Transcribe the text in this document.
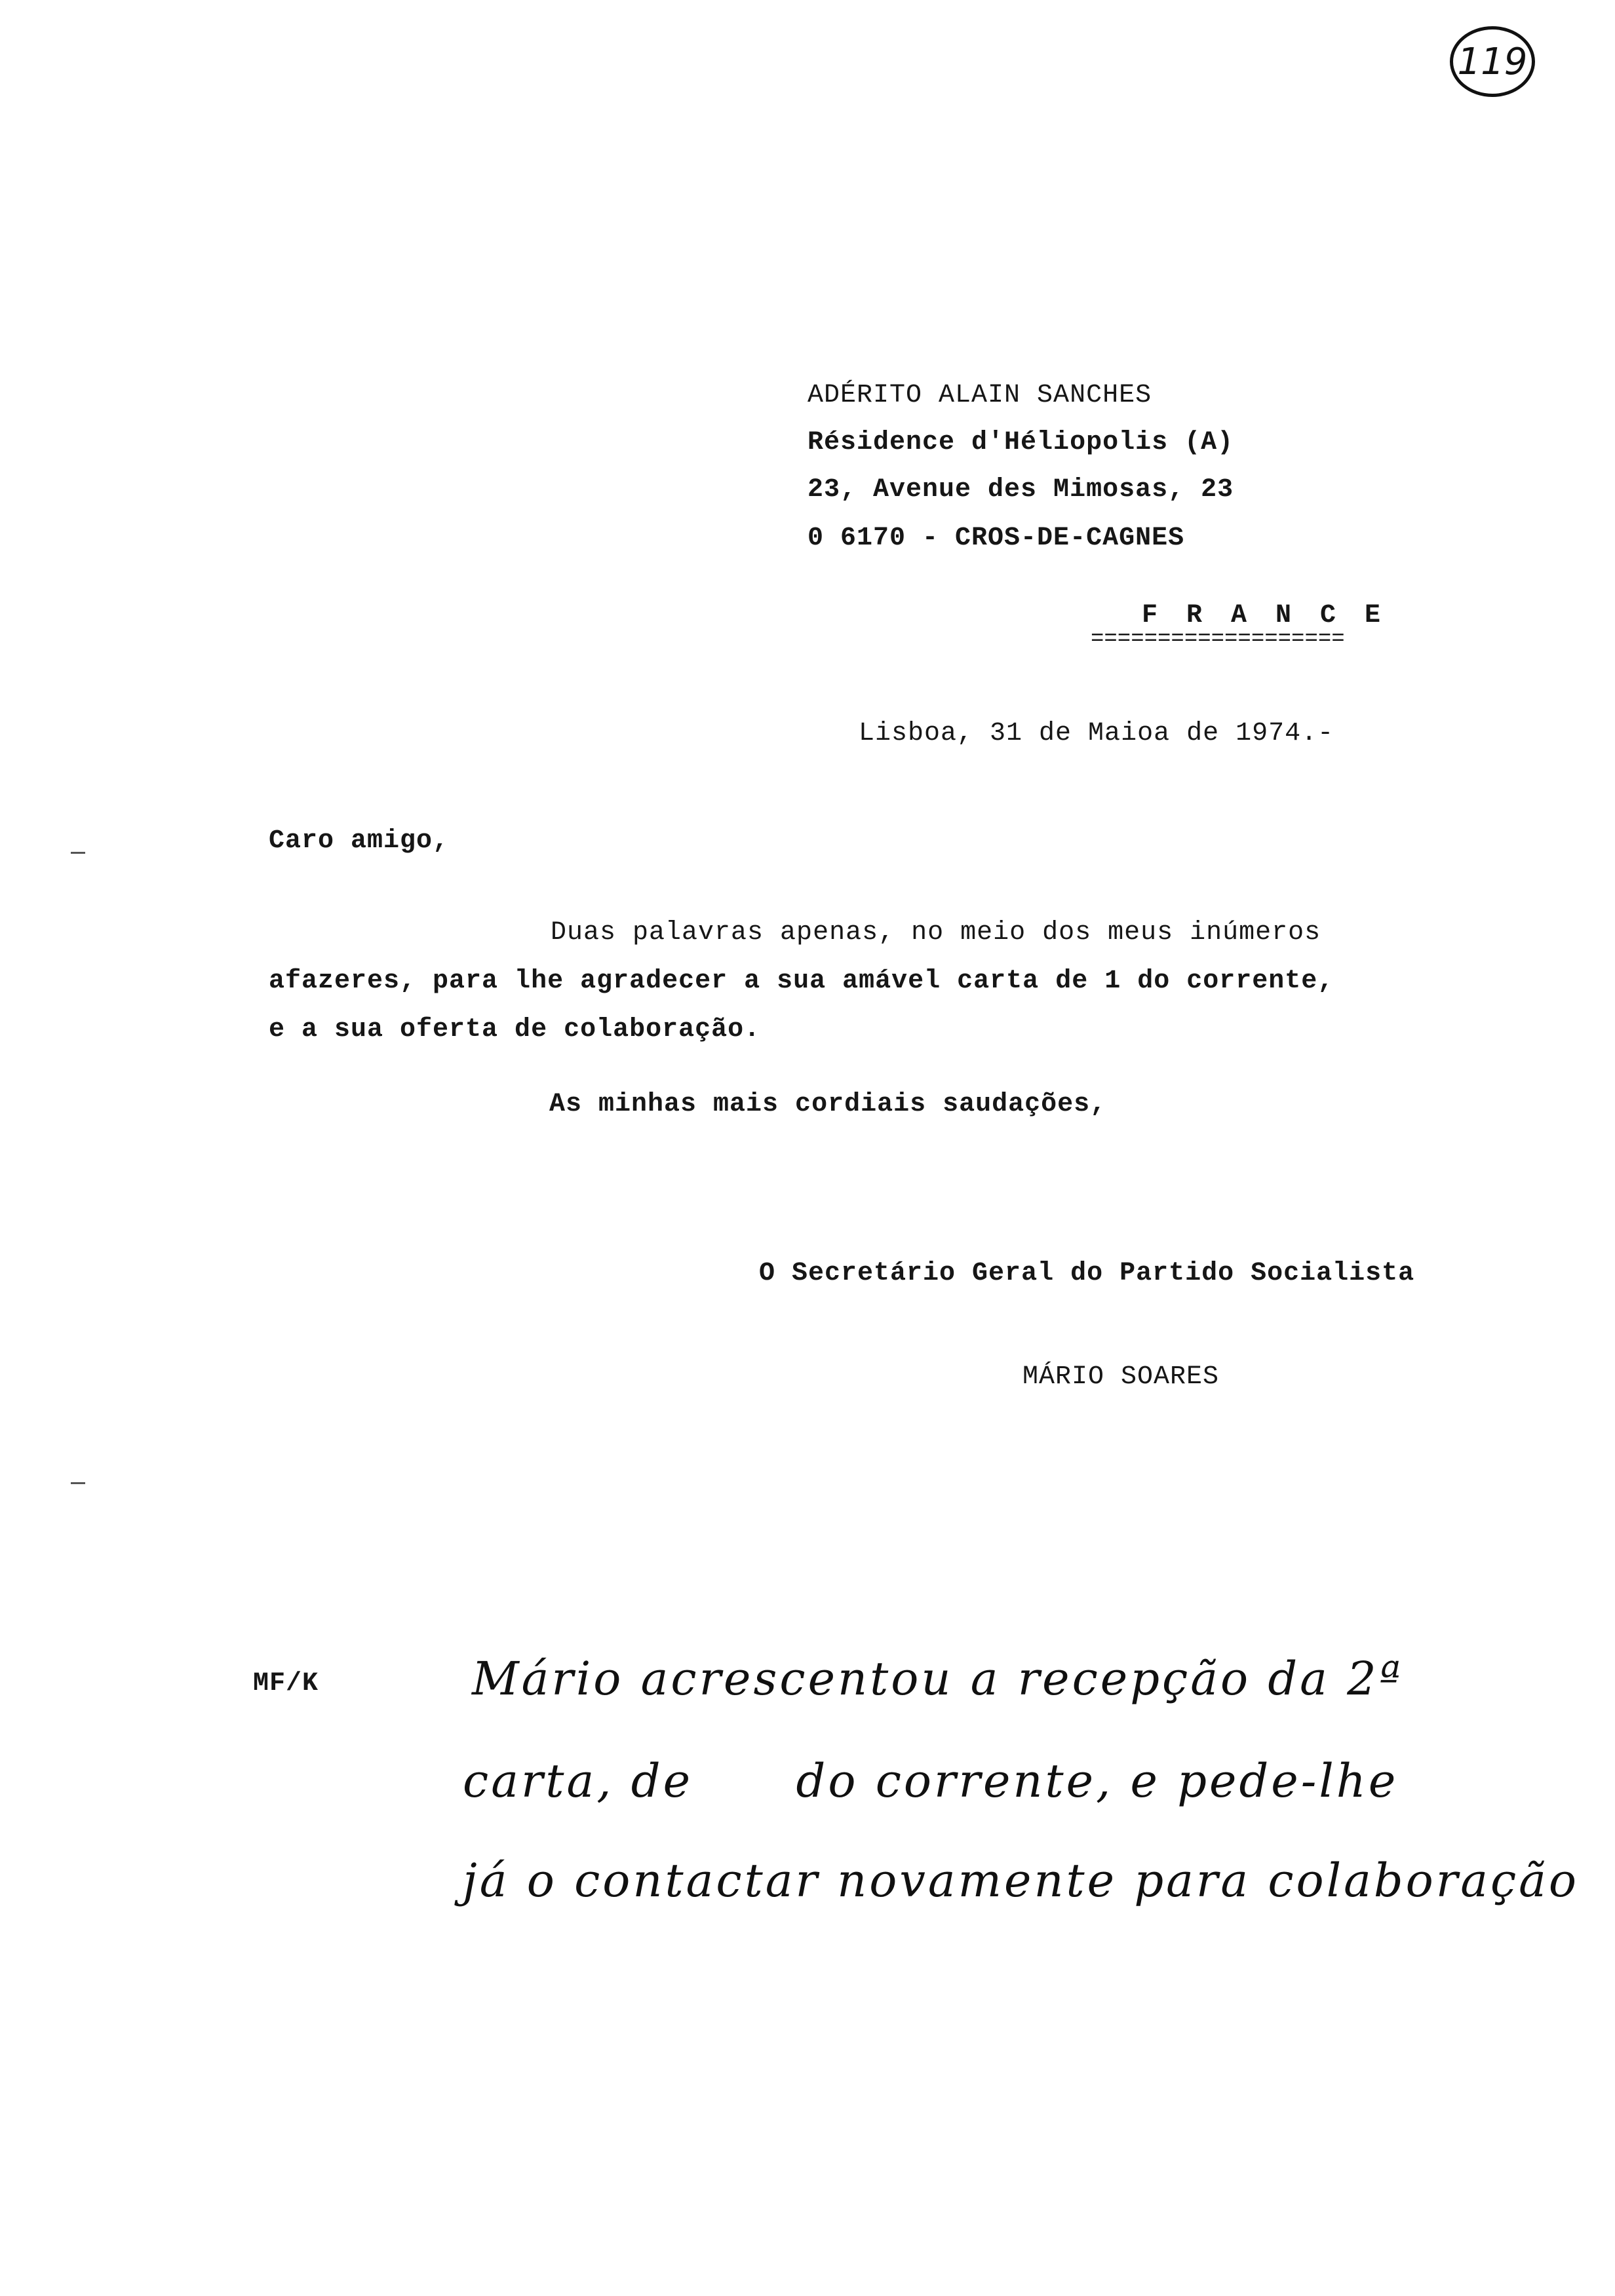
119
ADÉRITO ALAIN SANCHES
Résidence d'Héliopolis (A)
23, Avenue des Mimosas, 23
0 6170 - CROS-DE-CAGNES
F R A N C E
===================
Lisboa, 31 de Maioa de 1974.-
Caro amigo,
Duas palavras apenas, no meio dos meus inúmeros
afazeres, para lhe agradecer a sua amável carta de 1 do corrente,
e a sua oferta de colaboração.
As minhas mais cordiais saudações,
O Secretário Geral do Partido Socialista
MÁRIO SOARES
MF/K	Mário acrescentou a recepção da 2ª
carta, de      do corrente, e pede-lhe
já o contactar novamente para colaboração
